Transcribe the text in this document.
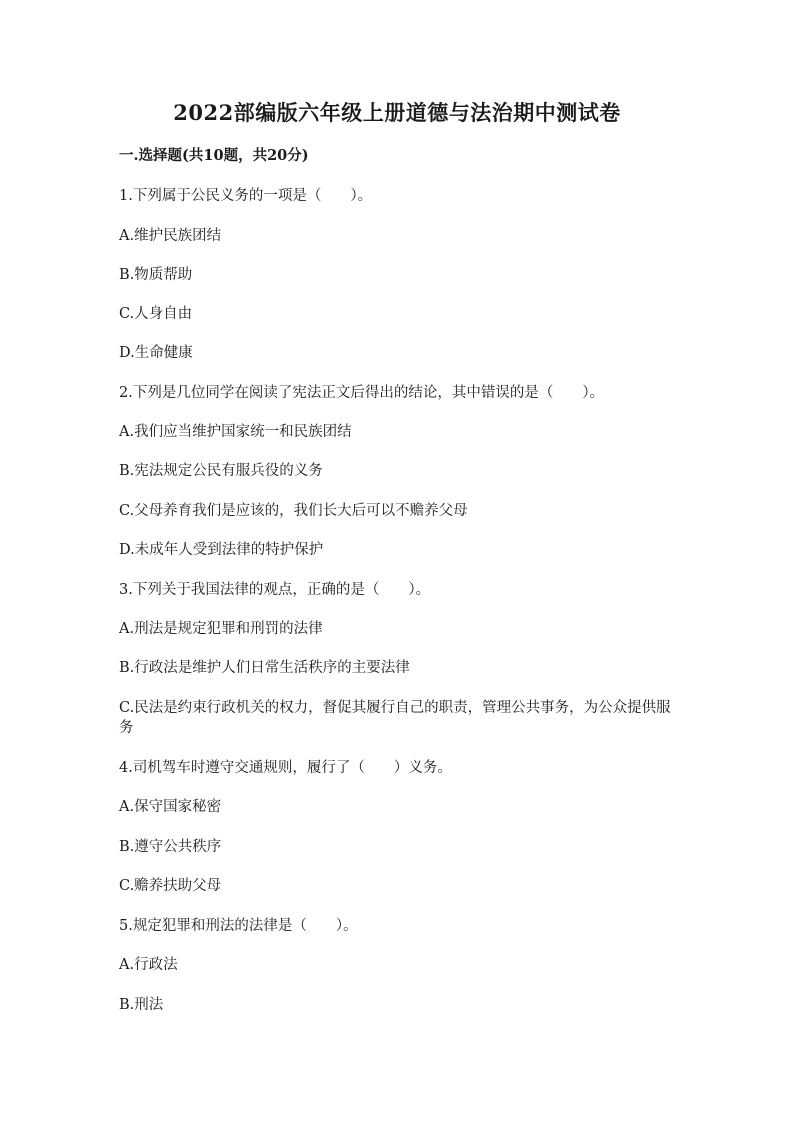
2022部编版六年级上册道德与法治期中测试卷
一.选择题(共10题，共20分)
1.下列属于公民义务的一项是（　　）。
A.维护民族团结
B.物质帮助
C.人身自由
D.生命健康
2.下列是几位同学在阅读了宪法正文后得出的结论，其中错误的是（　　）。
A.我们应当维护国家统一和民族团结
B.宪法规定公民有服兵役的义务
C.父母养育我们是应该的，我们长大后可以不赡养父母
D.未成年人受到法律的特护保护
3.下列关于我国法律的观点，正确的是（　　）。
A.刑法是规定犯罪和刑罚的法律
B.行政法是维护人们日常生活秩序的主要法律
C.民法是约束行政机关的权力，督促其履行自己的职责，管理公共事务，为公众提供服务
4.司机驾车时遵守交通规则，履行了（　　）义务。
A.保守国家秘密
B.遵守公共秩序
C.赡养扶助父母
5.规定犯罪和刑法的法律是（　　）。
A.行政法
B.刑法
